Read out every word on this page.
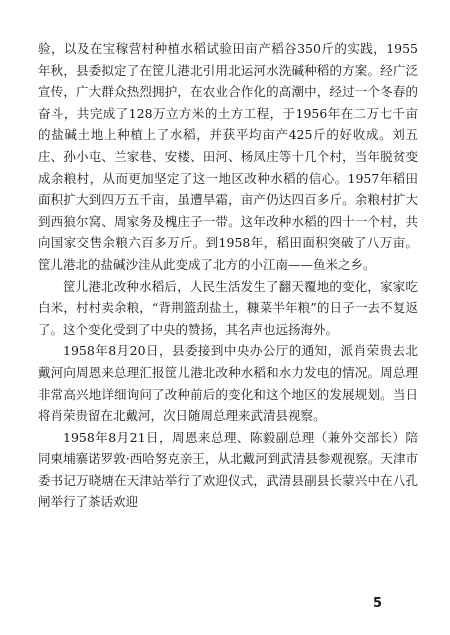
验，以及在宝稼营村种植水稻试验田亩产稻谷350斤的实践，1955年秋，县委拟定了在筐儿港北引用北运河水洗碱种稻的方案。经广泛宣传，广大群众热烈拥护，在农业合作化的高潮中，经过一个冬春的奋斗，共完成了128万立方米的土方工程，于1956年在二万七千亩的盐碱土地上种植上了水稻，并获平均亩产425斤的好收成。刘五庄、孙小屯、兰家巷、安楼、田河、杨凤庄等十几个村，当年脱贫变成余粮村，从而更加坚定了这一地区改种水稻的信心。1957年稻田面积扩大到四万五千亩，虽遭旱霜，亩产仍达四百多斤。余粮村扩大到西狼尔窝、周家务及槐庄子一带。这年改种水稻的四十一个村，共向国家交售余粮六百多万斤。到1958年，稻田面积突破了八万亩。筐儿港北的盐碱沙洼从此变成了北方的小江南——鱼米之乡。

筐儿港北改种水稻后，人民生活发生了翻天覆地的变化，家家吃白米，村村卖余粮，“背荆篮刮盐土，糠菜半年粮”的日子一去不复返了。这个变化受到了中央的赞扬，其名声也远扬海外。

1958年8月20日，县委接到中央办公厅的通知，派肖荣贵去北戴河向周恩来总理汇报筐儿港北改种水稻和水力发电的情况。周总理非常高兴地详细询问了改种前后的变化和这个地区的发展规划。当日将肖荣贵留在北戴河，次日随周总理来武清县视察。

1958年8月21日，周恩来总理、陈毅副总理（兼外交部长）陪同柬埔寨诺罗敦·西哈努克亲王，从北戴河到武清县参观视察。天津市委书记万晓塘在天津站举行了欢迎仪式，武清县副县长蒙兴中在八孔闸举行了茶话欢迎

5
